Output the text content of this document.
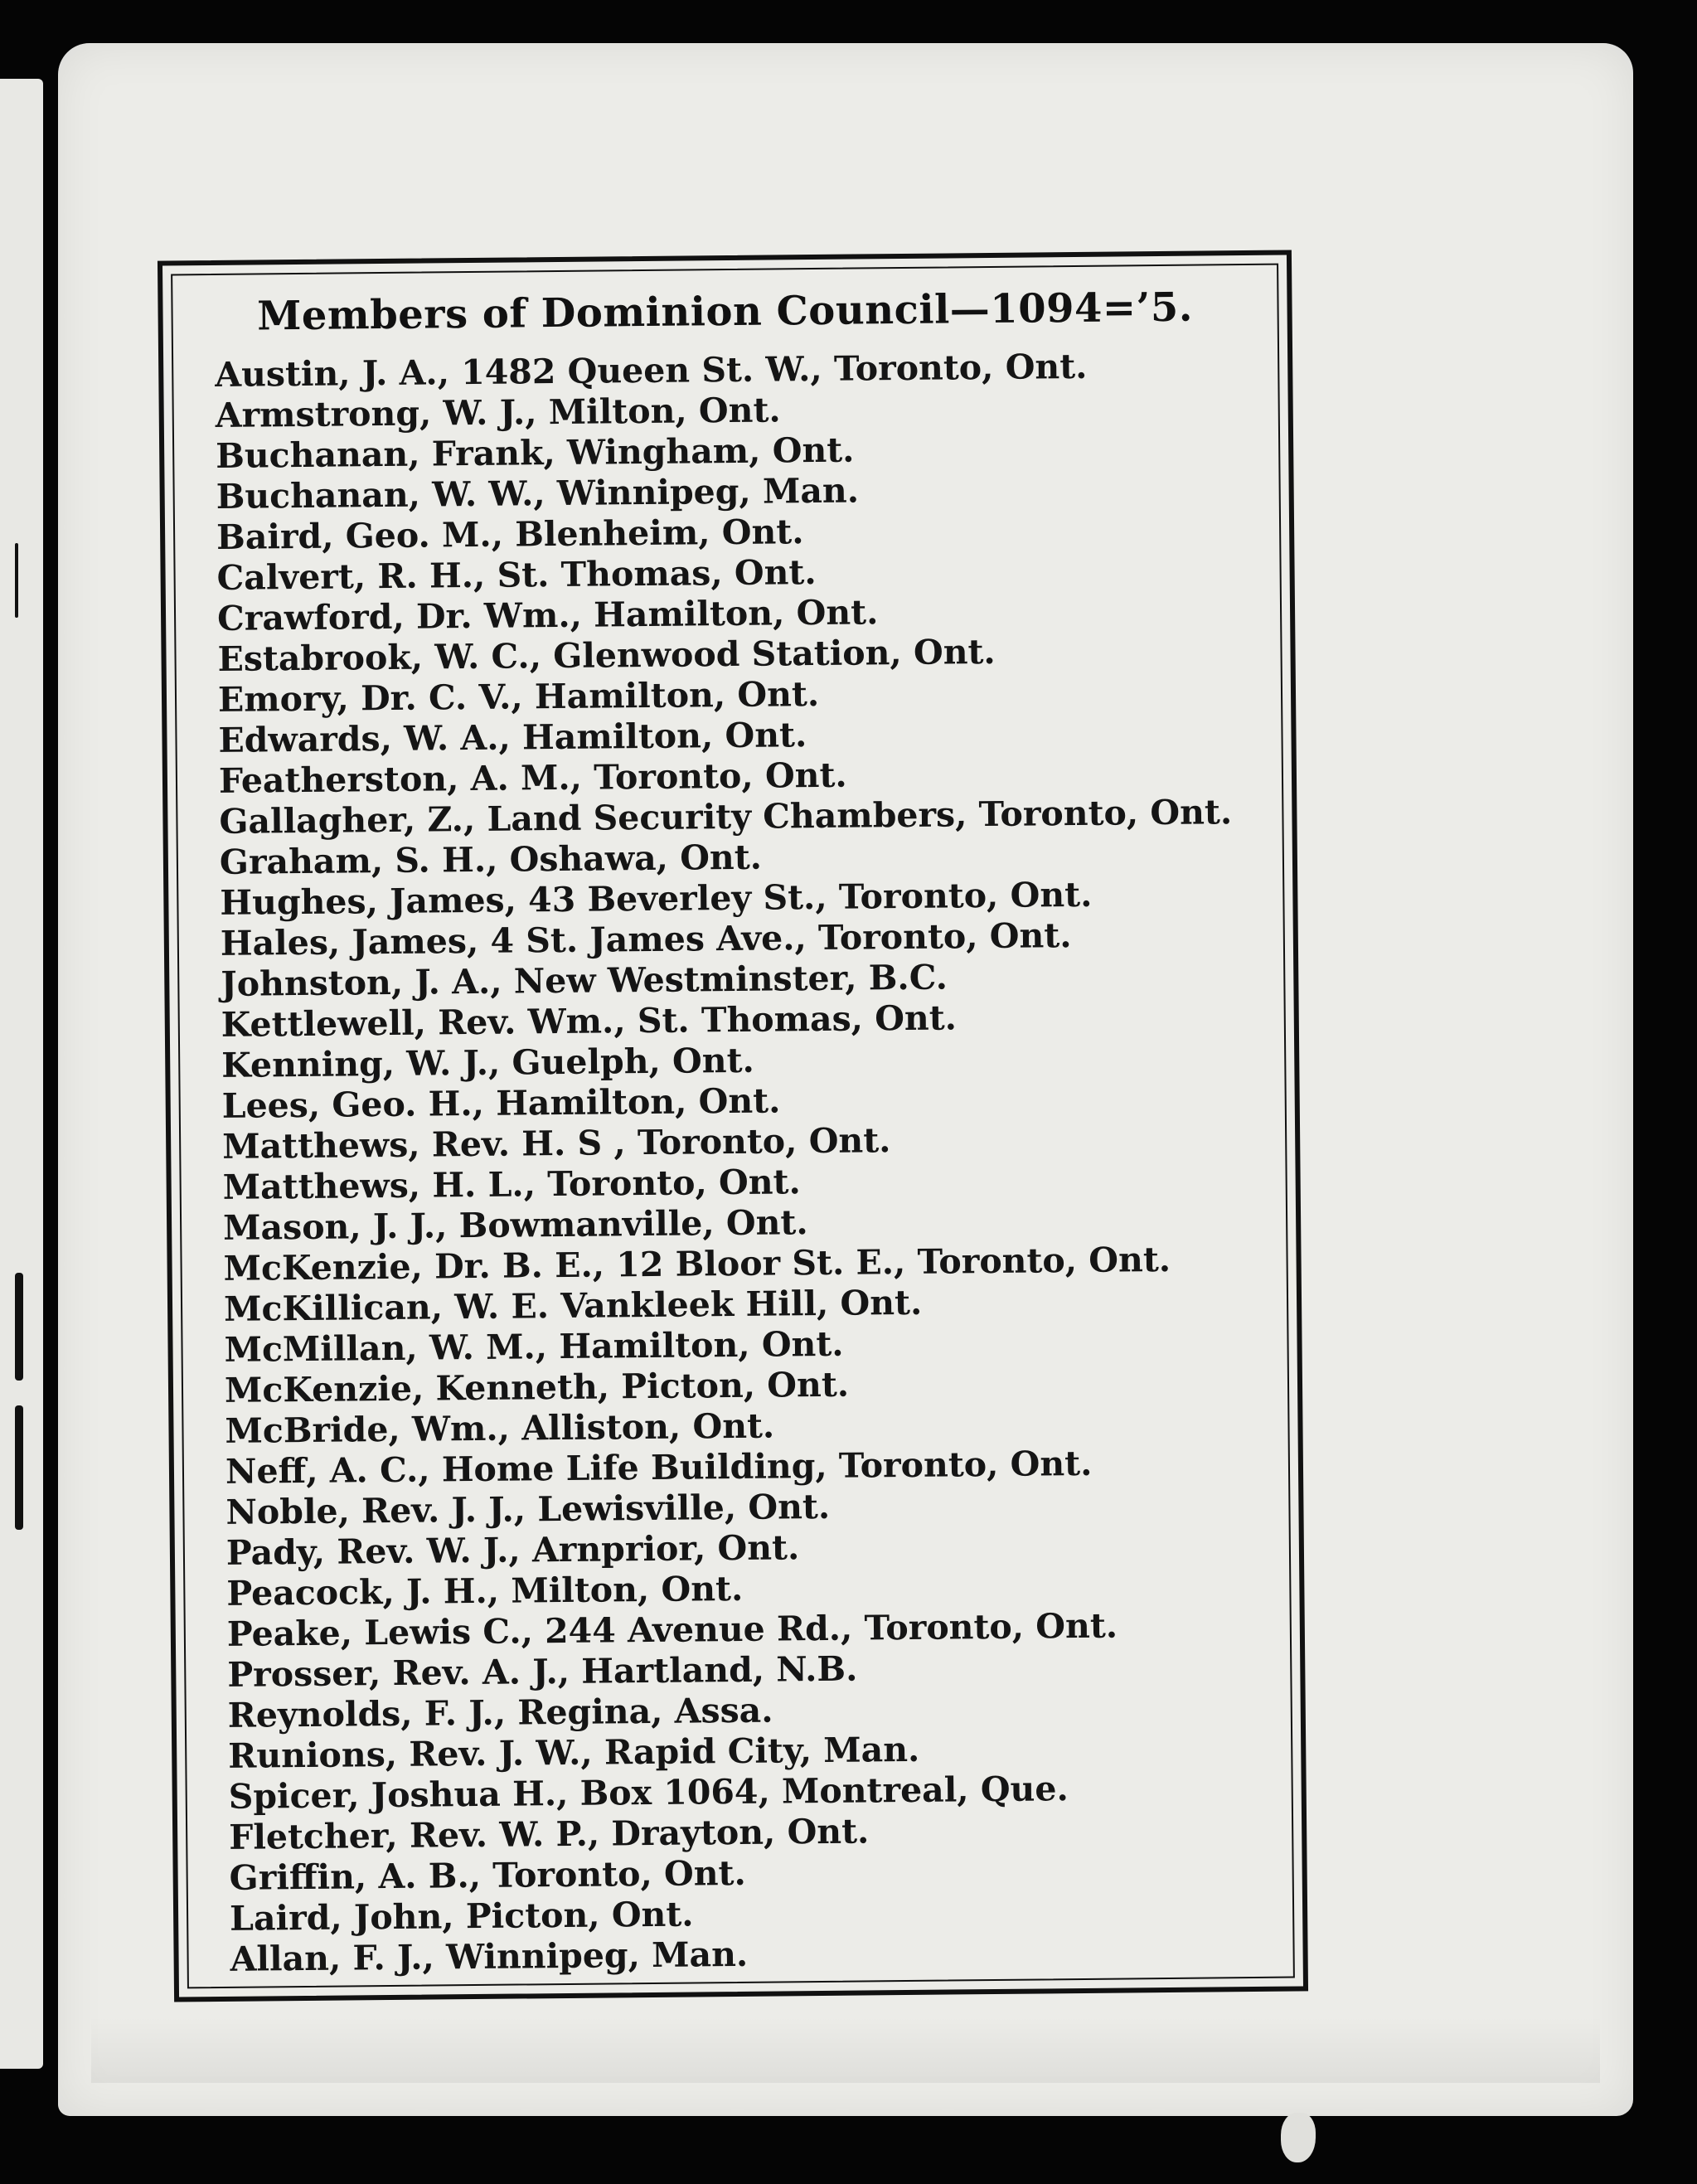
Members of Dominion Council—1094=’5.
Austin, J. A., 1482 Queen St. W., Toronto, Ont.
Armstrong, W. J., Milton, Ont.
Buchanan, Frank, Wingham, Ont.
Buchanan, W. W., Winnipeg, Man.
Baird, Geo. M., Blenheim, Ont.
Calvert, R. H., St. Thomas, Ont.
Crawford, Dr. Wm., Hamilton, Ont.
Estabrook, W. C., Glenwood Station, Ont.
Emory, Dr. C. V., Hamilton, Ont.
Edwards, W. A., Hamilton, Ont.
Featherston, A. M., Toronto, Ont.
Gallagher, Z., Land Security Chambers, Toronto, Ont.
Graham, S. H., Oshawa, Ont.
Hughes, James, 43 Beverley St., Toronto, Ont.
Hales, James, 4 St. James Ave., Toronto, Ont.
Johnston, J. A., New Westminster, B.C.
Kettlewell, Rev. Wm., St. Thomas, Ont.
Kenning, W. J., Guelph, Ont.
Lees, Geo. H., Hamilton, Ont.
Matthews, Rev. H. S , Toronto, Ont.
Matthews, H. L., Toronto, Ont.
Mason, J. J., Bowmanville, Ont.
McKenzie, Dr. B. E., 12 Bloor St. E., Toronto, Ont.
McKillican, W. E. Vankleek Hill, Ont.
McMillan, W. M., Hamilton, Ont.
McKenzie, Kenneth, Picton, Ont.
McBride, Wm., Alliston, Ont.
Neff, A. C., Home Life Building, Toronto, Ont.
Noble, Rev. J. J., Lewisville, Ont.
Pady, Rev. W. J., Arnprior, Ont.
Peacock, J. H., Milton, Ont.
Peake, Lewis C., 244 Avenue Rd., Toronto, Ont.
Prosser, Rev. A. J., Hartland, N.B.
Reynolds, F. J., Regina, Assa.
Runions, Rev. J. W., Rapid City, Man.
Spicer, Joshua H., Box 1064, Montreal, Que.
Fletcher, Rev. W. P., Drayton, Ont.
Griffin, A. B., Toronto, Ont.
Laird, John, Picton, Ont.
Allan, F. J., Winnipeg, Man.
